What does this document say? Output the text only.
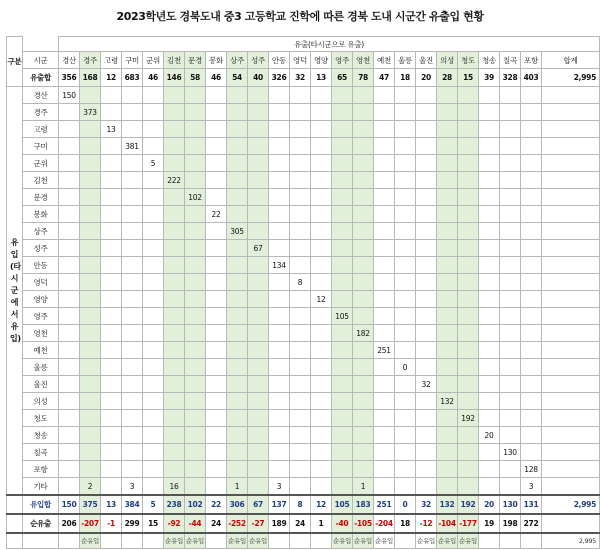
2023학년도 경북도내 중3 고등학교 진학에 따른 경북 도내 시군간 유출입 현황
구분		유출(타시군으로 유출)																							
	시군	경산	경주	고령	구미	군위	김천	문경	봉화	상주	성주	안동	영덕	영양	영주	영천	예천	울릉	울진	의성	청도	청송	칠곡	포항	합계
	유출합	356	168	12	683	46	146	58	46	54	40	326	32	13	65	78	47	18	20	28	15	39	328	403	2,995
유입(타시군에서 유입)	경산	150																							
	경주		373																						
	고령			13																					
	구미				381																				
	군위					5																			
	김천						222																		
	문경							102																	
	봉화								22																
	상주									305															
	성주										67														
	안동											134													
	영덕												8												
	영양													12											
	영주														105										
	영천															182									
	예천																251								
	울릉																	0							
	울진																		32						
	의성																			132					
	청도																				192				
	청송																					20			
	칠곡																						130		
	포항																							128	
	기타		2		3		16			1		3				1								3	
	유입합	150	375	13	384	5	238	102	22	306	67	137	8	12	105	183	251	0	32	132	192	20	130	131	2,995
	순유출	206	-207	-1	299	15	-92	-44	24	-252	-27	189	24	1	-40	-105	-204	18	-12	-104	-177	19	198	272	
			순유입				순유입	순유입		순유입	순유입				순유입	순유입	순유입		순유입	순유입	순유입				2,995
